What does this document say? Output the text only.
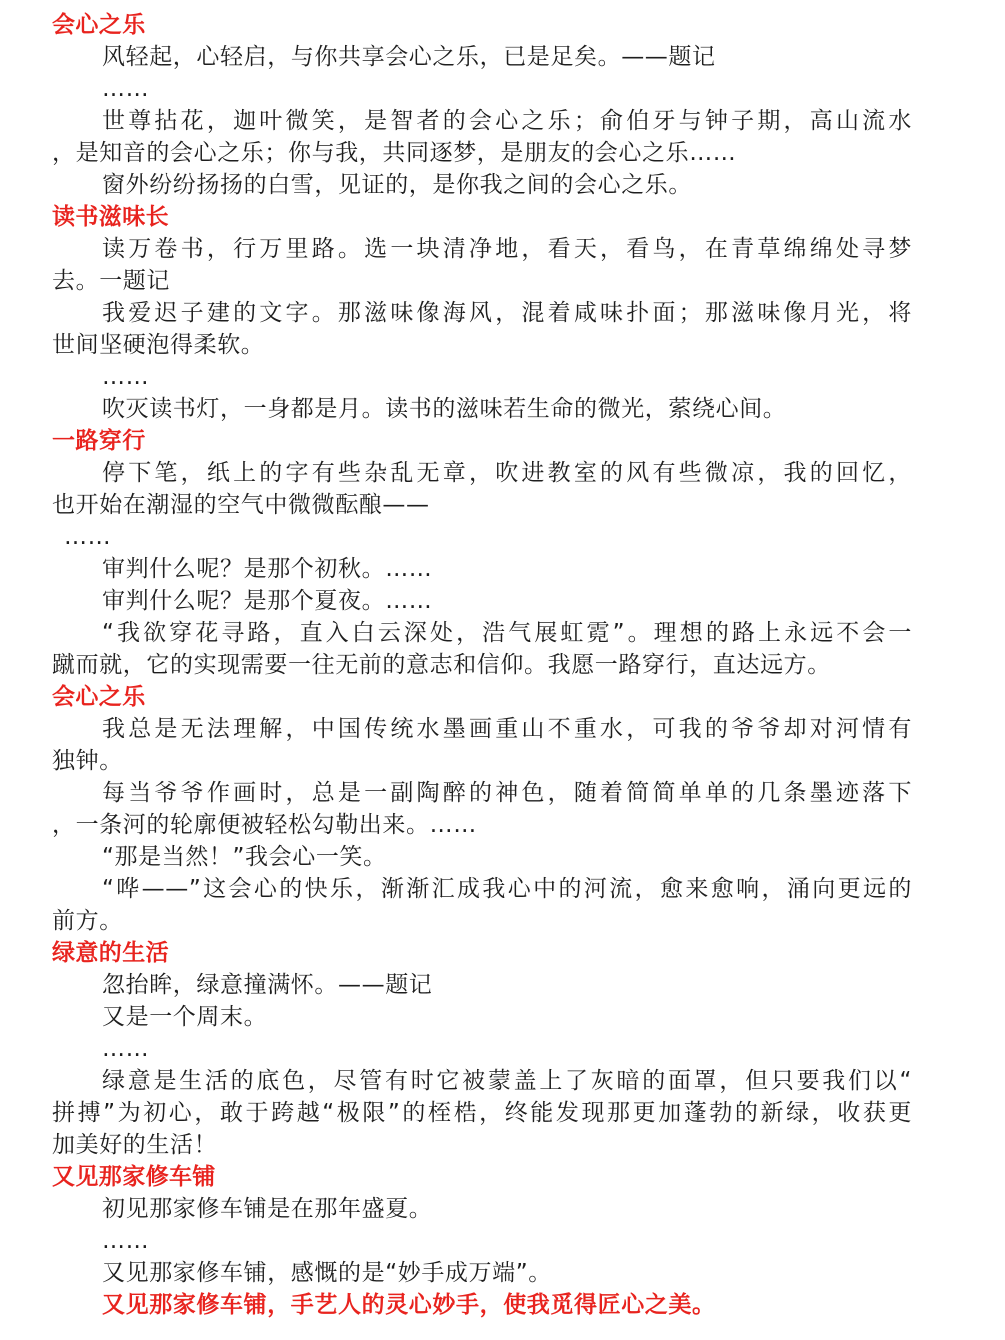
会心之乐
风轻起，心轻启，与你共享会心之乐，已是足矣。——题记
……
世尊拈花，迦叶微笑，是智者的会心之乐；俞伯牙与钟子期，高山流水
，是知音的会心之乐；你与我，共同逐梦，是朋友的会心之乐……
窗外纷纷扬扬的白雪，见证的，是你我之间的会心之乐。
读书滋味长
读万卷书，行万里路。选一块清净地，看天，看鸟，在青草绵绵处寻梦
去。一题记
我爱迟子建的文字。那滋味像海风，混着咸味扑面；那滋味像月光，将
世间坚硬泡得柔软。
……
吹灭读书灯，一身都是月。读书的滋味若生命的微光，萦绕心间。
一路穿行
停下笔，纸上的字有些杂乱无章，吹进教室的风有些微凉，我的回忆，
也开始在潮湿的空气中微微酝酿——
……
审判什么呢？是那个初秋。……
审判什么呢？是那个夏夜。……
“我欲穿花寻路，直入白云深处，浩气展虹霓”。理想的路上永远不会一
蹴而就，它的实现需要一往无前的意志和信仰。我愿一路穿行，直达远方。
会心之乐
我总是无法理解，中国传统水墨画重山不重水，可我的爷爷却对河情有
独钟。
每当爷爷作画时，总是一副陶醉的神色，随着简简单单的几条墨迹落下
，一条河的轮廓便被轻松勾勒出来。……
“那是当然！”我会心一笑。
“哗——”这会心的快乐，渐渐汇成我心中的河流，愈来愈响，涌向更远的
前方。
绿意的生活
忽抬眸，绿意撞满怀。——题记
又是一个周末。
……
绿意是生活的底色，尽管有时它被蒙盖上了灰暗的面罩，但只要我们以“
拼搏”为初心，敢于跨越“极限”的桎梏，终能发现那更加蓬勃的新绿，收获更
加美好的生活！
又见那家修车铺
初见那家修车铺是在那年盛夏。
……
又见那家修车铺，感慨的是“妙手成万端”。
又见那家修车铺，手艺人的灵心妙手，使我觅得匠心之美。
